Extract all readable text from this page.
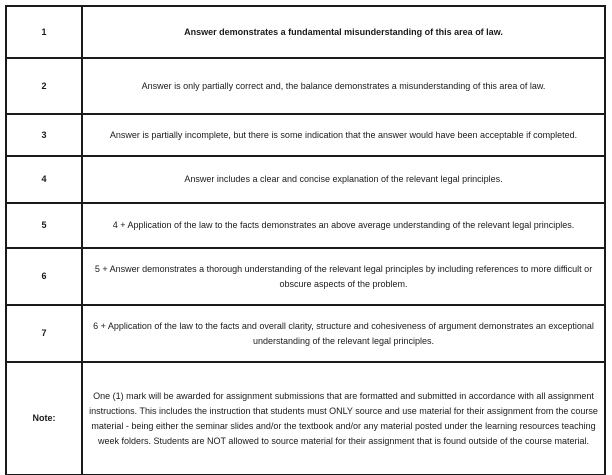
1	Answer demonstrates a fundamental misunderstanding of this area of law.
2	Answer is only partially correct and, the balance demonstrates a misunderstanding of this area of law.
3	Answer is partially incomplete, but there is some indication that the answer would have been acceptable if completed.
4	Answer includes a clear and concise explanation of the relevant legal principles.
5	4 + Application of the law to the facts demonstrates an above average understanding of the relevant legal principles.
6	5 + Answer demonstrates a thorough understanding of the relevant legal principles by including references to more difficult or obscure aspects of the problem.
7	6 + Application of the law to the facts and overall clarity, structure and cohesiveness of argument demonstrates an exceptional understanding of the relevant legal principles.
Note:	One (1) mark will be awarded for assignment submissions that are formatted and submitted in accordance with all assignment instructions. This includes the instruction that students must ONLY source and use material for their assignment from the course material - being either the seminar slides and/or the textbook and/or any material posted under the learning resources teaching week folders. Students are NOT allowed to source material for their assignment that is found outside of the course material.
